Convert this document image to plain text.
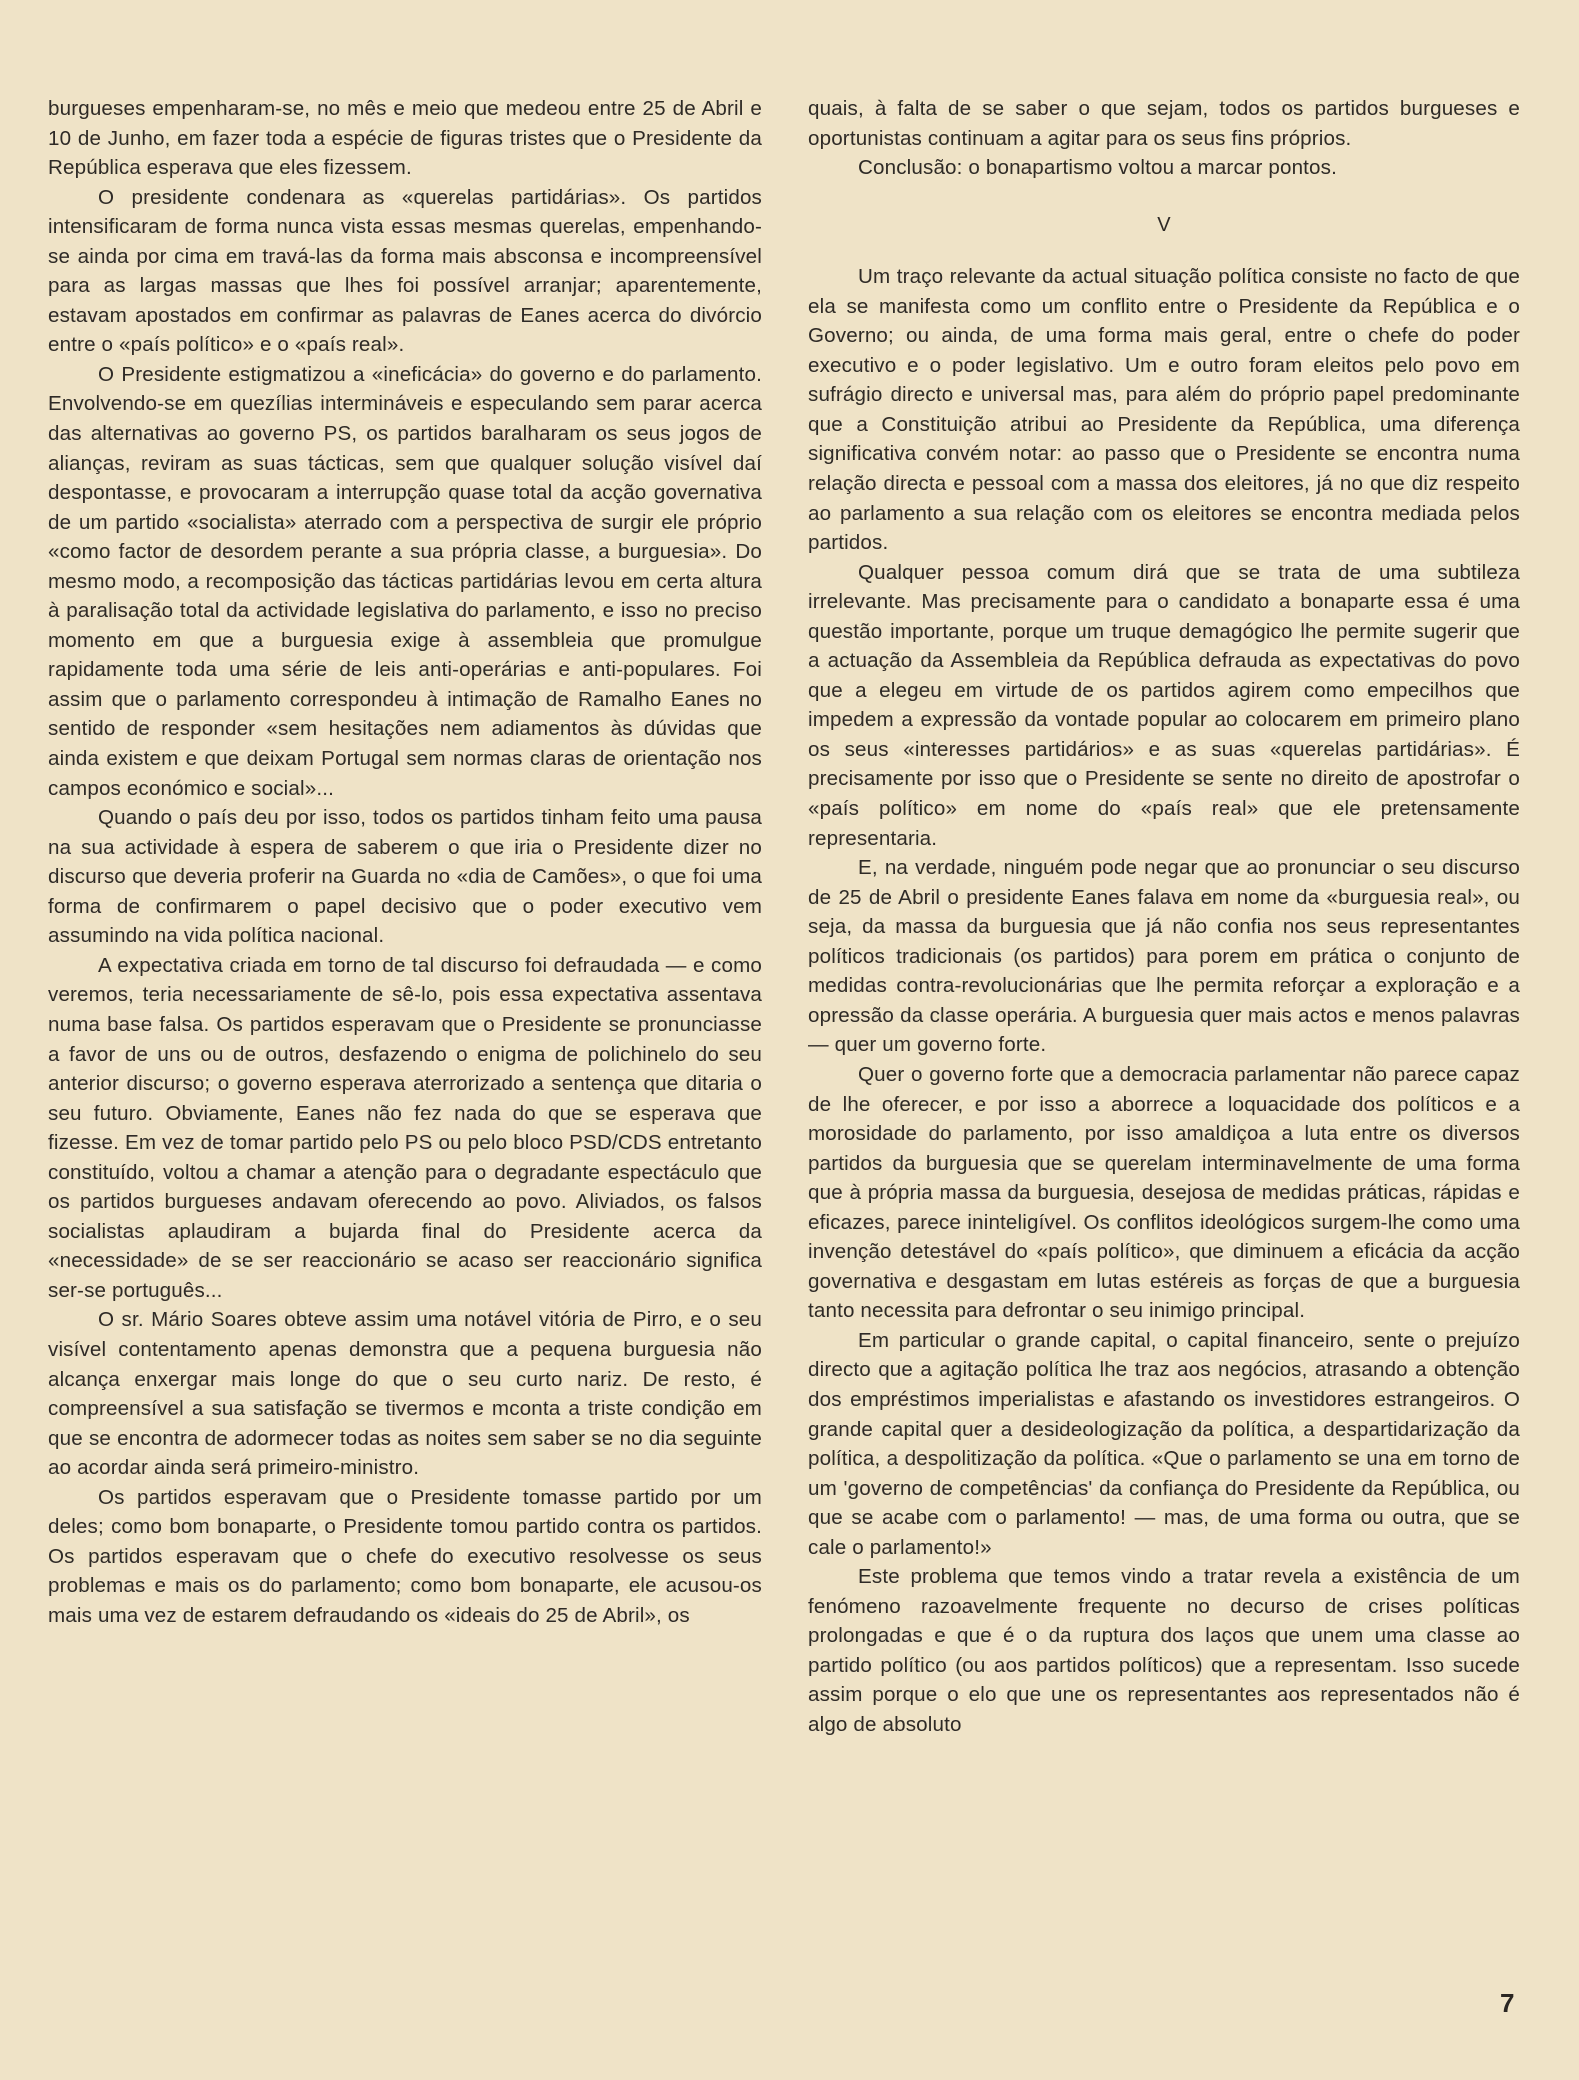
burgueses empenharam-se, no mês e meio que medeou entre 25 de Abril e 10 de Junho, em fazer toda a espécie de figuras tristes que o Presidente da República esperava que eles fizessem.

O presidente condenara as «querelas partidárias». Os partidos intensificaram de forma nunca vista essas mesmas querelas, empenhando-se ainda por cima em travá-las da forma mais absconsa e incompreensível para as largas massas que lhes foi possível arranjar; aparentemente, estavam apostados em confirmar as palavras de Eanes acerca do divórcio entre o «país político» e o «país real».

O Presidente estigmatizou a «ineficácia» do governo e do parlamento. Envolvendo-se em quezílias intermináveis e especulando sem parar acerca das alternativas ao governo PS, os partidos baralharam os seus jogos de alianças, reviram as suas tácticas, sem que qualquer solução visível daí despontasse, e provocaram a interrupção quase total da acção governativa de um partido «socialista» aterrado com a perspectiva de surgir ele próprio «como factor de desordem perante a sua própria classe, a burguesia». Do mesmo modo, a recomposição das tácticas partidárias levou em certa altura à paralisação total da actividade legislativa do parlamento, e isso no preciso momento em que a burguesia exige à assembleia que promulgue rapidamente toda uma série de leis anti-operárias e anti-populares. Foi assim que o parlamento correspondeu à intimação de Ramalho Eanes no sentido de responder «sem hesitações nem adiamentos às dúvidas que ainda existem e que deixam Portugal sem normas claras de orientação nos campos económico e social»...

Quando o país deu por isso, todos os partidos tinham feito uma pausa na sua actividade à espera de saberem o que iria o Presidente dizer no discurso que deveria proferir na Guarda no «dia de Camões», o que foi uma forma de confirmarem o papel decisivo que o poder executivo vem assumindo na vida política nacional.

A expectativa criada em torno de tal discurso foi defraudada — e como veremos, teria necessariamente de sê-lo, pois essa expectativa assentava numa base falsa. Os partidos esperavam que o Presidente se pronunciasse a favor de uns ou de outros, desfazendo o enigma de polichinelo do seu anterior discurso; o governo esperava aterrorizado a sentença que ditaria o seu futuro. Obviamente, Eanes não fez nada do que se esperava que fizesse. Em vez de tomar partido pelo PS ou pelo bloco PSD/CDS entretanto constituído, voltou a chamar a atenção para o degradante espectáculo que os partidos burgueses andavam oferecendo ao povo. Aliviados, os falsos socialistas aplaudiram a bujarda final do Presidente acerca da «necessidade» de se ser reaccionário se acaso ser reaccionário significa ser-se português...

O sr. Mário Soares obteve assim uma notável vitória de Pirro, e o seu visível contentamento apenas demonstra que a pequena burguesia não alcança enxergar mais longe do que o seu curto nariz. De resto, é compreensível a sua satisfação se tivermos e mconta a triste condição em que se encontra de adormecer todas as noites sem saber se no dia seguinte ao acordar ainda será primeiro-ministro.

Os partidos esperavam que o Presidente tomasse partido por um deles; como bom bonaparte, o Presidente tomou partido contra os partidos. Os partidos esperavam que o chefe do executivo resolvesse os seus problemas e mais os do parlamento; como bom bonaparte, ele acusou-os mais uma vez de estarem defraudando os «ideais do 25 de Abril», os

quais, à falta de se saber o que sejam, todos os partidos burgueses e oportunistas continuam a agitar para os seus fins próprios.

Conclusão: o bonapartismo voltou a marcar pontos.

V

Um traço relevante da actual situação política consiste no facto de que ela se manifesta como um conflito entre o Presidente da República e o Governo; ou ainda, de uma forma mais geral, entre o chefe do poder executivo e o poder legislativo. Um e outro foram eleitos pelo povo em sufrágio directo e universal mas, para além do próprio papel predominante que a Constituição atribui ao Presidente da República, uma diferença significativa convém notar: ao passo que o Presidente se encontra numa relação directa e pessoal com a massa dos eleitores, já no que diz respeito ao parlamento a sua relação com os eleitores se encontra mediada pelos partidos.

Qualquer pessoa comum dirá que se trata de uma subtileza irrelevante. Mas precisamente para o candidato a bonaparte essa é uma questão importante, porque um truque demagógico lhe permite sugerir que a actuação da Assembleia da República defrauda as expectativas do povo que a elegeu em virtude de os partidos agirem como empecilhos que impedem a expressão da vontade popular ao colocarem em primeiro plano os seus «interesses partidários» e as suas «querelas partidárias». É precisamente por isso que o Presidente se sente no direito de apostrofar o «país político» em nome do «país real» que ele pretensamente representaria.

E, na verdade, ninguém pode negar que ao pronunciar o seu discurso de 25 de Abril o presidente Eanes falava em nome da «burguesia real», ou seja, da massa da burguesia que já não confia nos seus representantes políticos tradicionais (os partidos) para porem em prática o conjunto de medidas contra-revolucionárias que lhe permita reforçar a exploração e a opressão da classe operária. A burguesia quer mais actos e menos palavras — quer um governo forte.

Quer o governo forte que a democracia parlamentar não parece capaz de lhe oferecer, e por isso a aborrece a loquacidade dos políticos e a morosidade do parlamento, por isso amaldiçoa a luta entre os diversos partidos da burguesia que se querelam interminavelmente de uma forma que à própria massa da burguesia, desejosa de medidas práticas, rápidas e eficazes, parece ininteligível. Os conflitos ideológicos surgem-lhe como uma invenção detestável do «país político», que diminuem a eficácia da acção governativa e desgastam em lutas estéreis as forças de que a burguesia tanto necessita para defrontar o seu inimigo principal.

Em particular o grande capital, o capital financeiro, sente o prejuízo directo que a agitação política lhe traz aos negócios, atrasando a obtenção dos empréstimos imperialistas e afastando os investidores estrangeiros. O grande capital quer a desideologização da política, a despartidarização da política, a despolitização da política. «Que o parlamento se una em torno de um 'governo de competências' da confiança do Presidente da República, ou que se acabe com o parlamento! — mas, de uma forma ou outra, que se cale o parlamento!»

Este problema que temos vindo a tratar revela a existência de um fenómeno razoavelmente frequente no decurso de crises políticas prolongadas e que é o da ruptura dos laços que unem uma classe ao partido político (ou aos partidos políticos) que a representam. Isso sucede assim porque o elo que une os representantes aos representados não é algo de absoluto

7
